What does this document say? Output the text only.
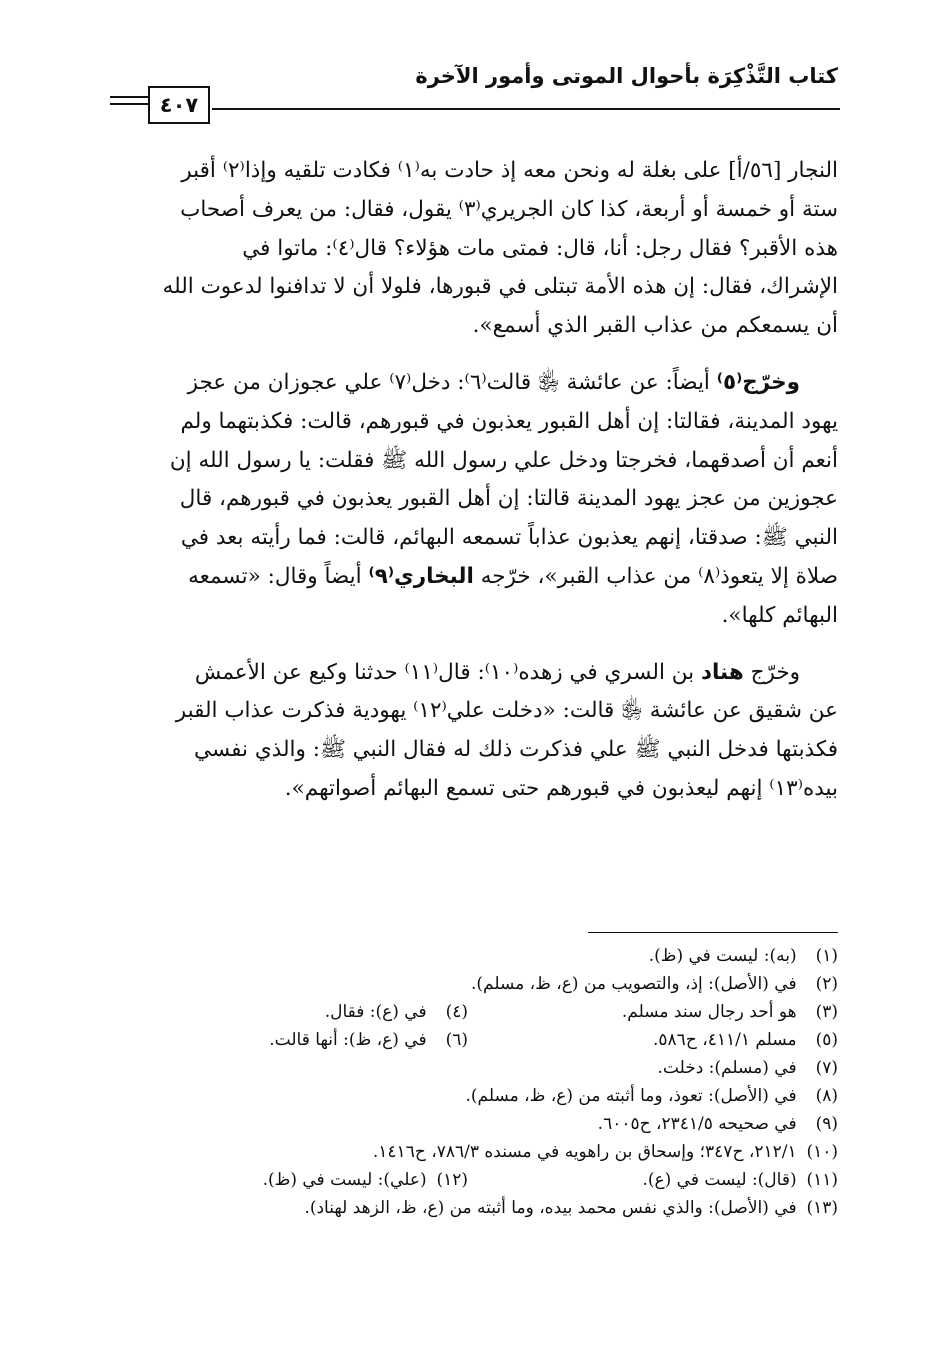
كتاب التَّذْكِرَة بأحوال الموتى وأمور الآخرة
٤٠٧

النجار [٥٦/أ] على بغلة له ونحن معه إذ حادت به⁽١⁾ فكادت تلقيه وإذا⁽٢⁾ أقبر
ستة أو خمسة أو أربعة، كذا كان الجريري⁽٣⁾ يقول، فقال: من يعرف أصحاب
هذه الأقبر؟ فقال رجل: أنا، قال: فمتى مات هؤلاء؟ قال⁽٤⁾: ماتوا في
الإشراك، فقال: إن هذه الأمة تبتلى في قبورها، فلولا أن لا تدافنوا لدعوت الله
أن يسمعكم من عذاب القبر الذي أسمع».

وخرّج⁽٥⁾ أيضاً: عن عائشة ﵂ قالت⁽٦⁾: دخل⁽٧⁾ علي عجوزان من عجز
يهود المدينة، فقالتا: إن أهل القبور يعذبون في قبورهم، قالت: فكذبتهما ولم
أنعم أن أصدقهما، فخرجتا ودخل علي رسول الله ﷺ فقلت: يا رسول الله إن
عجوزين من عجز يهود المدينة قالتا: إن أهل القبور يعذبون في قبورهم، قال
النبي ﷺ: صدقتا، إنهم يعذبون عذاباً تسمعه البهائم، قالت: فما رأيته بعد في
صلاة إلا يتعوذ⁽٨⁾ من عذاب القبر»، خرّجه البخاري⁽٩⁾ أيضاً وقال: «تسمعه
البهائم كلها».

وخرّج هناد بن السري في زهده⁽١٠⁾: قال⁽١١⁾ حدثنا وكيع عن الأعمش
عن شقيق عن عائشة ﵂ قالت: «دخلت علي⁽١٢⁾ يهودية فذكرت عذاب القبر
فكذبتها فدخل النبي ﷺ علي فذكرت ذلك له فقال النبي ﷺ: والذي نفسي
بيده⁽١٣⁾ إنهم ليعذبون في قبورهم حتى تسمع البهائم أصواتهم».

(١) (به): ليست في (ظ).
(٢) في (الأصل): إذ، والتصويب من (ع، ظ، مسلم).
(٣) هو أحد رجال سند مسلم.
(٤) في (ع): فقال.
(٥) مسلم ٤١١/١، ح٥٨٦.
(٦) في (ع، ظ): أنها قالت.
(٧) في (مسلم): دخلت.
(٨) في (الأصل): تعوذ، وما أثبته من (ع، ظ، مسلم).
(٩) في صحيحه ٢٣٤١/٥، ح٦٠٠٥.
(١٠) ٢١٢/١، ح٣٤٧؛ وإسحاق بن راهويه في مسنده ٧٨٦/٣، ح١٤١٦.
(١١) (قال): ليست في (ع).
(١٢) (علي): ليست في (ظ).
(١٣) في (الأصل): والذي نفس محمد بيده، وما أثبته من (ع، ظ، الزهد لهناد).
